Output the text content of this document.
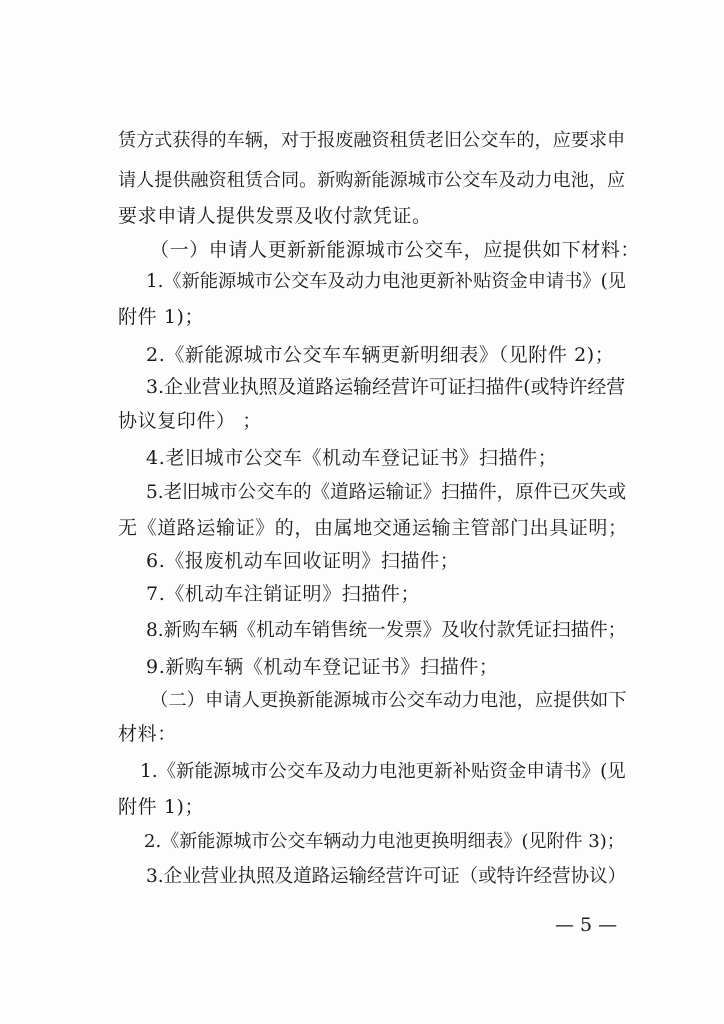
赁方式获得的车辆，对于报废融资租赁老旧公交车的，应要求申
请人提供融资租赁合同。新购新能源城市公交车及动力电池，应
要求申请人提供发票及收付款凭证。
（一）申请人更新新能源城市公交车，应提供如下材料：
1.《新能源城市公交车及动力电池更新补贴资金申请书》(见
附件 1)；
2.《新能源城市公交车车辆更新明细表》（见附件 2)；
3.企业营业执照及道路运输经营许可证扫描件(或特许经营
协议复印件） ；
4.老旧城市公交车《机动车登记证书》扫描件；
5.老旧城市公交车的《道路运输证》扫描件，原件已灭失或
无《道路运输证》的，由属地交通运输主管部门出具证明；
6.《报废机动车回收证明》扫描件；
7.《机动车注销证明》扫描件；
8.新购车辆《机动车销售统一发票》及收付款凭证扫描件；
9.新购车辆《机动车登记证书》扫描件；
（二）申请人更换新能源城市公交车动力电池，应提供如下
材料：
1.《新能源城市公交车及动力电池更新补贴资金申请书》(见
附件 1)；
2.《新能源城市公交车辆动力电池更换明细表》(见附件 3)；
3.企业营业执照及道路运输经营许可证（或特许经营协议）
— 5 —
